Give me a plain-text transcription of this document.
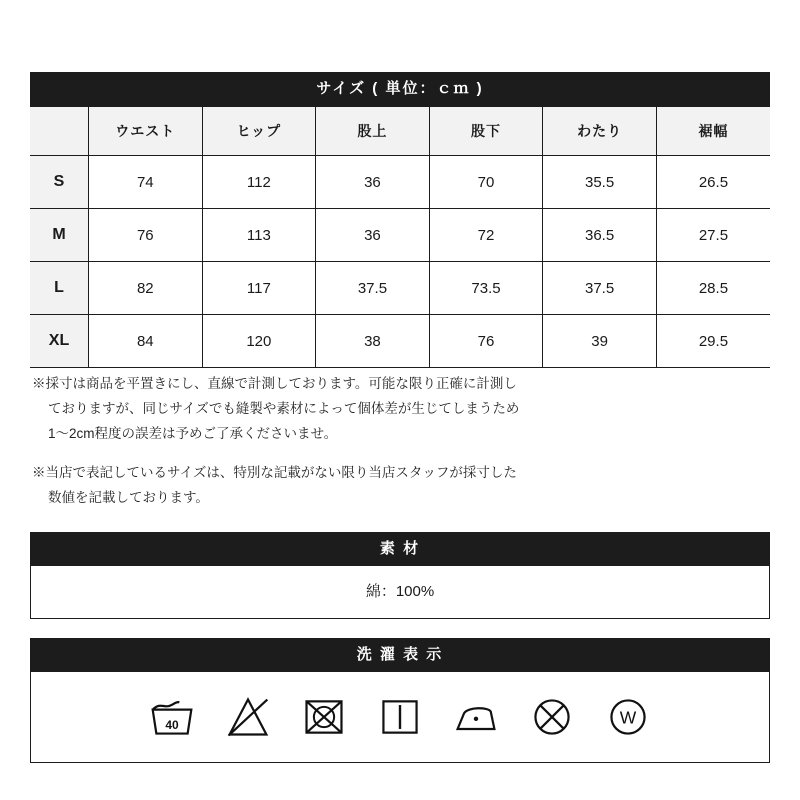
サイズ ( 単位：ｃｍ )
	ウエスト	ヒップ	股上	股下	わたり	裾幅
S	74	112	36	70	35.5	26.5
M	76	113	36	72	36.5	27.5
L	82	117	37.5	73.5	37.5	28.5
XL	84	120	38	76	39	29.5

※採寸は商品を平置きにし、直線で計測しております。可能な限り正確に計測し
ておりますが、同じサイズでも縫製や素材によって個体差が生じてしまうため
1～2cm程度の誤差は予めご了承くださいませ。

※当店で表記しているサイズは、特別な記載がない限り当店スタッフが採寸した
数値を記載しております。

素 材
綿：100%
洗 濯 表 示
40	W
